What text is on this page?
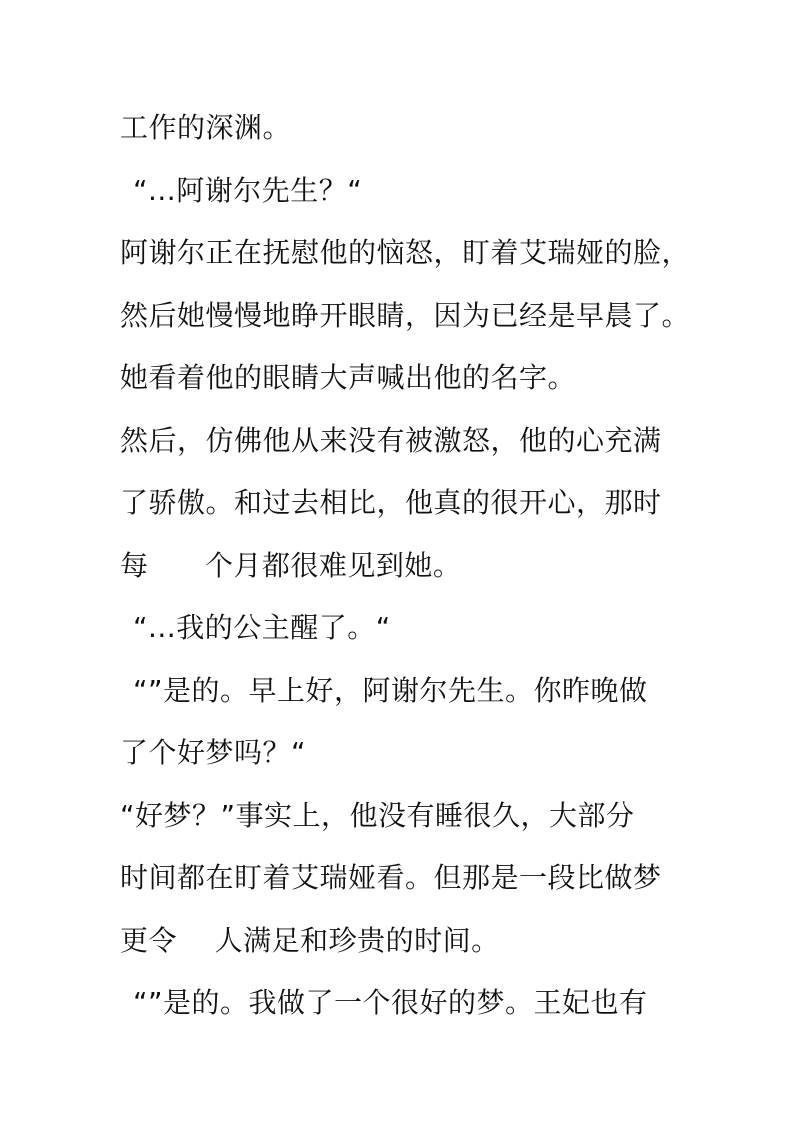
工作的深渊。
“...阿谢尔先生？“
阿谢尔正在抚慰他的恼怒，盯着艾瑞娅的脸，
然后她慢慢地睁开眼睛，因为已经是早晨了。
她看着他的眼睛大声喊出他的名字。
然后，仿佛他从来没有被激怒，他的心充满
了骄傲。和过去相比，他真的很开心，那时
每      个月都很难见到她。
“...我的公主醒了。“
“”是的。早上好，阿谢尔先生。你昨晚做
了个好梦吗？“
“好梦？”事实上，他没有睡很久，大部分
时间都在盯着艾瑞娅看。但那是一段比做梦
更令    人满足和珍贵的时间。
“”是的。我做了一个很好的梦。王妃也有
